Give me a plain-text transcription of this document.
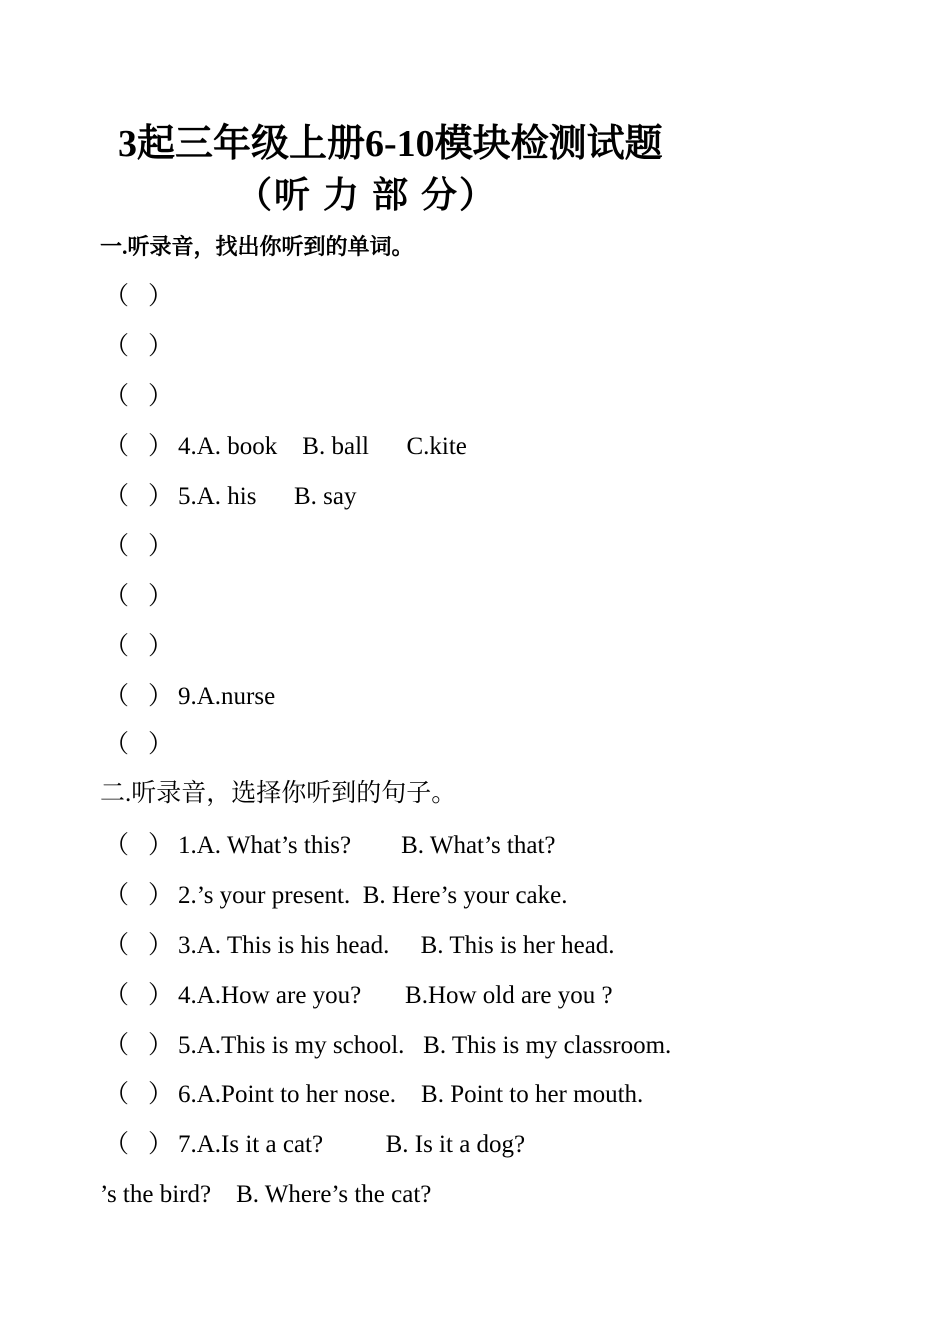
3起三年级上册6-10模块检测试题
（听 力 部 分）
一.听录音，找出你听到的单词。
（ ）
（ ）
（ ）
（ ） 4.A. book    B. ball      C.kite
（ ） 5.A. his      B. say
（ ）
（ ）
（ ）
（ ） 9.A.nurse
（ ）
二.听录音，选择你听到的句子。
（ ） 1.A. What’s this?        B. What’s that?
（ ） 2.’s your present.  B. Here’s your cake.
（ ） 3.A. This is his head.     B. This is her head.
（ ） 4.A.How are you?       B.How old are you ?
（ ） 5.A.This is my school.   B. This is my classroom.
（ ） 6.A.Point to her nose.    B. Point to her mouth.
（ ） 7.A.Is it a cat?          B. Is it a dog?
’s the bird?    B. Where’s the cat?
